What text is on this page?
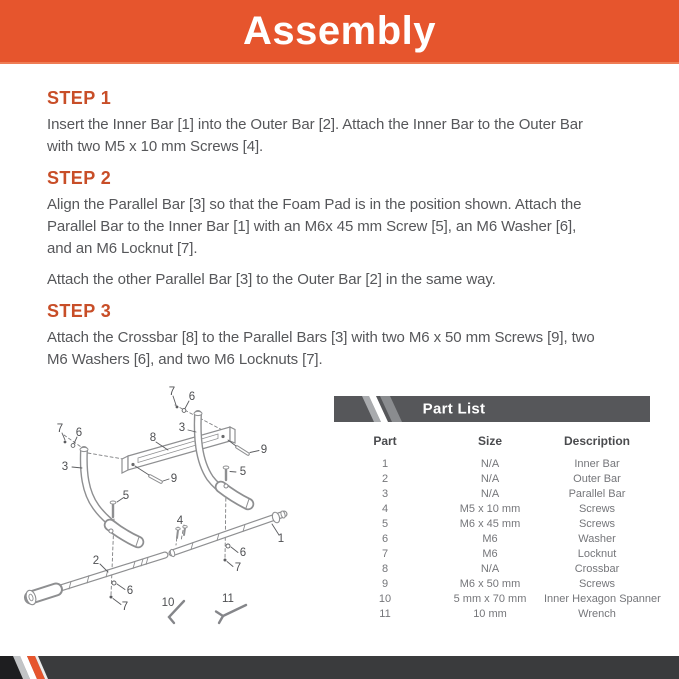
Assembly
STEP 1

Insert the Inner Bar [1] into the Outer Bar [2]. Attach the Inner Bar to the Outer Bar with two M5 x 10 mm Screws [4].

STEP 2

Align the Parallel Bar [3] so that the Foam Pad is in the position shown. Attach the Parallel Bar to the Inner Bar [1] with an M6x 45 mm Screw [5], an M6 Washer [6], and an M6 Locknut [7].

Attach the other Parallel Bar [3] to the Outer Bar [2] in the same way.

STEP 3

Attach the Crossbar [8] to the Parallel Bars [3] with two M6 x 50 mm Screws [9], two M6 Washers [6], and two M6 Locknuts [7].

7 6
3
5
2
6
7
7 6
3
8
9
5
9
4
1
6
7
10	11
Part List
Part	Size	Description
1	N/A	Inner Bar
2	N/A	Outer Bar
3	N/A	Parallel Bar
4	M5 x 10 mm	Screws
5	M6 x 45 mm	Screws
6	M6	Washer
7	M6	Locknut
8	N/A	Crossbar
9	M6 x 50 mm	Screws
10	5 mm x 70 mm	Inner Hexagon Spanner
11	10 mm	Wrench
